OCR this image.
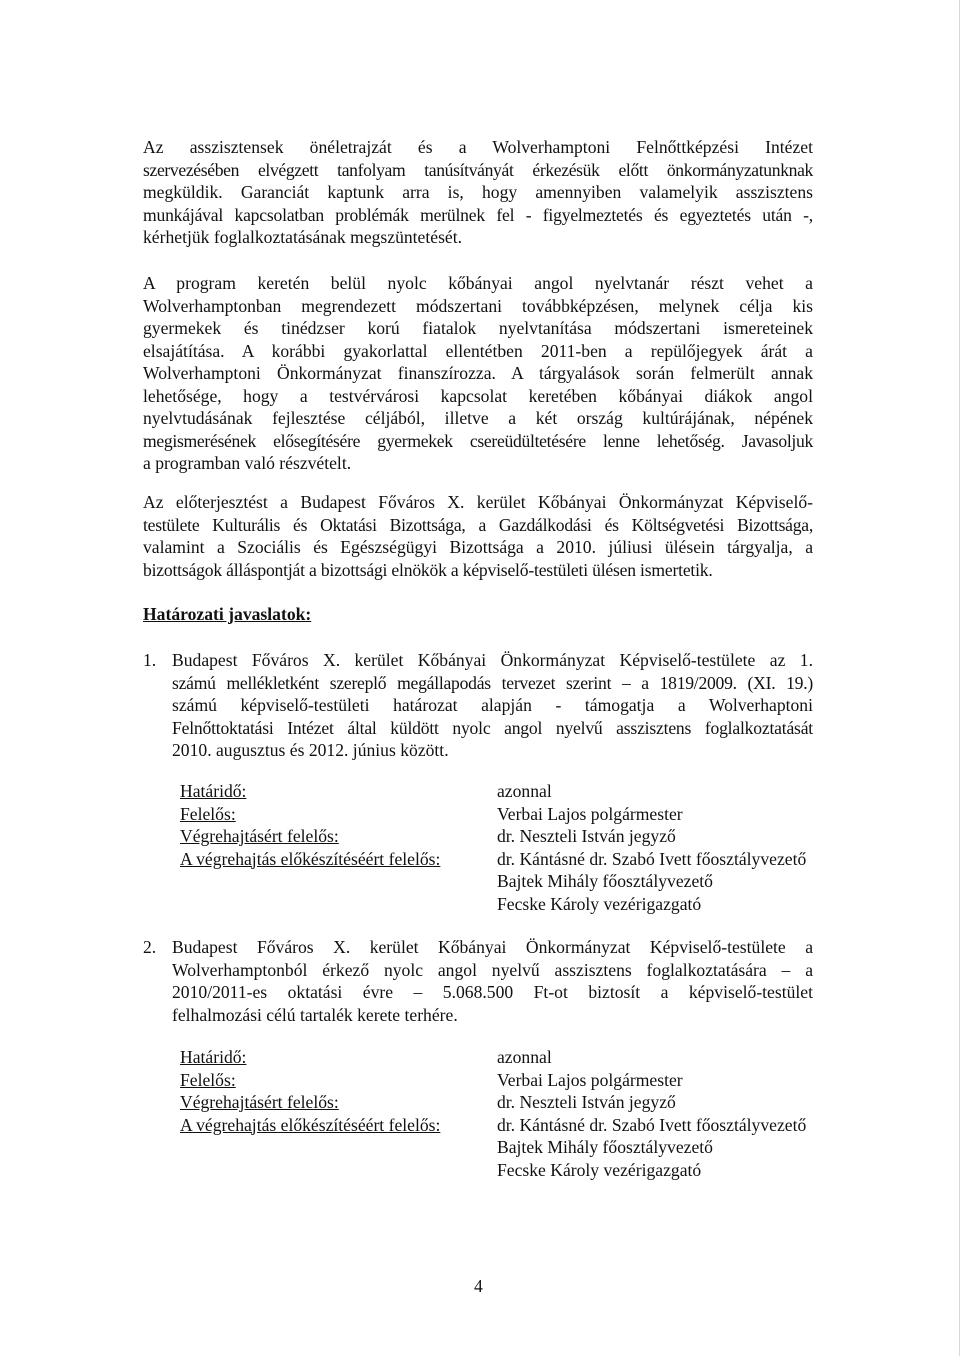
Az asszisztensek önéletrajzát és a Wolverhamptoni Felnőttképzési Intézet
szervezésében elvégzett tanfolyam tanúsítványát érkezésük előtt önkormányzatunknak
megküldik. Garanciát kaptunk arra is, hogy amennyiben valamelyik asszisztens
munkájával kapcsolatban problémák merülnek fel - figyelmeztetés és egyeztetés után -,
kérhetjük foglalkoztatásának megszüntetését.
A program keretén belül nyolc kőbányai angol nyelvtanár részt vehet a
Wolverhamptonban megrendezett módszertani továbbképzésen, melynek célja kis
gyermekek és tinédzser korú fiatalok nyelvtanítása módszertani ismereteinek
elsajátítása. A korábbi gyakorlattal ellentétben 2011-ben a repülőjegyek árát a
Wolverhamptoni Önkormányzat finanszírozza. A tárgyalások során felmerült annak
lehetősége, hogy a testvérvárosi kapcsolat keretében kőbányai diákok angol
nyelvtudásának fejlesztése céljából, illetve a két ország kultúrájának, népének
megismerésének elősegítésére gyermekek csereüdültetésére lenne lehetőség. Javasoljuk
a programban való részvételt.
Az előterjesztést a Budapest Főváros X. kerület Kőbányai Önkormányzat Képviselő-
testülete Kulturális és Oktatási Bizottsága, a Gazdálkodási és Költségvetési Bizottsága,
valamint a Szociális és Egészségügyi Bizottsága a 2010. júliusi ülésein tárgyalja, a
bizottságok álláspontját a bizottsági elnökök a képviselő-testületi ülésen ismertetik.
Határozati javaslatok:
1. Budapest Főváros X. kerület Kőbányai Önkormányzat Képviselő-testülete az 1.
számú mellékletként szereplő megállapodás tervezet szerint – a 1819/2009. (XI. 19.)
számú képviselő-testületi határozat alapján - támogatja a Wolverhaptoni
Felnőttoktatási Intézet által küldött nyolc angol nyelvű asszisztens foglalkoztatását
2010. augusztus és 2012. június között.
Határidő:
Felelős:
Végrehajtásért felelős:
A végrehajtás előkészítéséért felelős:
azonnal
Verbai Lajos polgármester
dr. Neszteli István jegyző
dr. Kántásné dr. Szabó Ivett főosztályvezető
Bajtek Mihály főosztályvezető
Fecske Károly vezérigazgató
2. Budapest Főváros X. kerület Kőbányai Önkormányzat Képviselő-testülete a
Wolverhamptonból érkező nyolc angol nyelvű asszisztens foglalkoztatására – a
2010/2011-es oktatási évre – 5.068.500 Ft-ot biztosít a képviselő-testület
felhalmozási célú tartalék kerete terhére.
Határidő:
Felelős:
Végrehajtásért felelős:
A végrehajtás előkészítéséért felelős:
azonnal
Verbai Lajos polgármester
dr. Neszteli István jegyző
dr. Kántásné dr. Szabó Ivett főosztályvezető
Bajtek Mihály főosztályvezető
Fecske Károly vezérigazgató
4
